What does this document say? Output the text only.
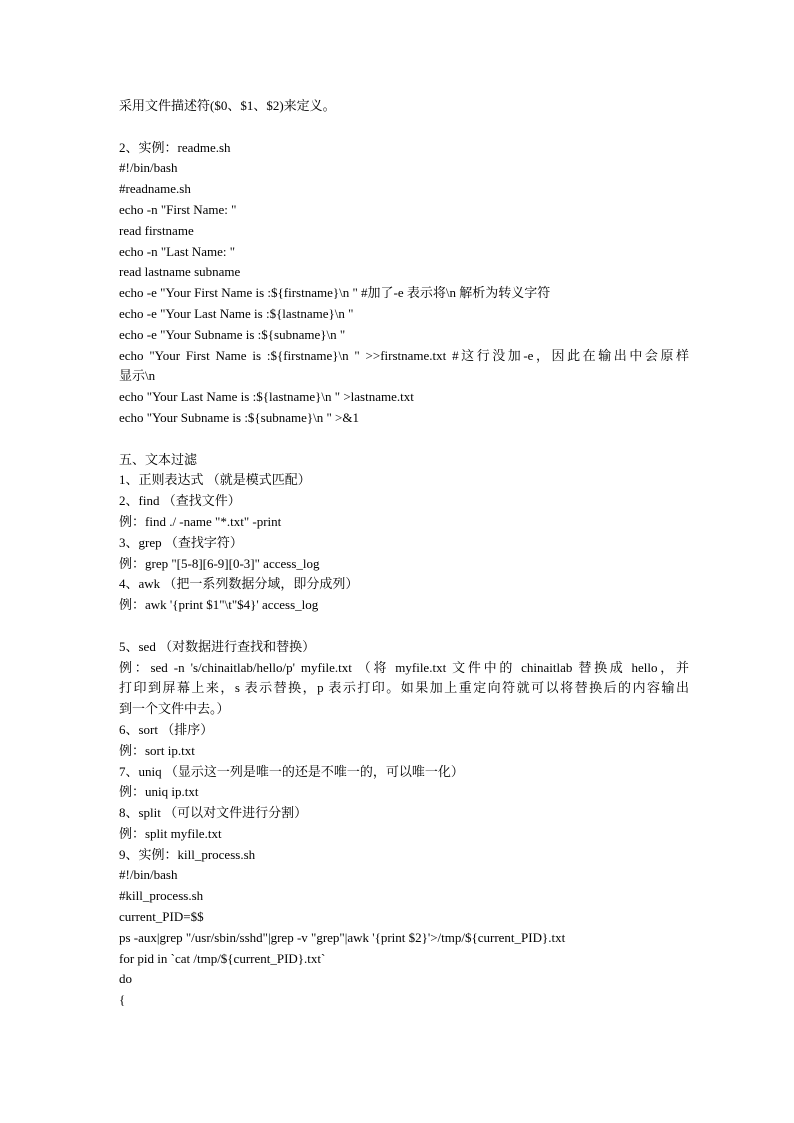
采用文件描述符($0、$1、$2)来定义。
2、实例：readme.sh
#!/bin/bash
#readname.sh
echo -n "First Name: "
read firstname
echo -n "Last Name: "
read lastname subname
echo -e "Your First Name is :${firstname}\n " #加了-e 表示将\n 解析为转义字符
echo -e "Your Last Name is :${lastname}\n "
echo -e "Your Subname is :${subname}\n "
echo "Your First Name is :${firstname}\n " >>firstname.txt #这行没加-e，因此在输出中会原样
显示\n
echo "Your Last Name is :${lastname}\n " >lastname.txt
echo "Your Subname is :${subname}\n " >&1
五、文本过滤
1、正则表达式 （就是模式匹配）
2、find （查找文件）
例：find ./ -name "*.txt" -print
3、grep （查找字符）
例：grep "[5-8][6-9][0-3]" access_log
4、awk （把一系列数据分域，即分成列）
例：awk '{print $1"\t"$4}' access_log
5、sed （对数据进行查找和替换）
例：sed -n 's/chinaitlab/hello/p' myfile.txt （将 myfile.txt 文件中的 chinaitlab 替换成 hello，并
打印到屏幕上来，s 表示替换，p 表示打印。如果加上重定向符就可以将替换后的内容输出
到一个文件中去。）
6、sort （排序）
例：sort ip.txt
7、uniq （显示这一列是唯一的还是不唯一的，可以唯一化）
例：uniq ip.txt
8、split （可以对文件进行分割）
例：split myfile.txt
9、实例：kill_process.sh
#!/bin/bash
#kill_process.sh
current_PID=$$
ps -aux|grep "/usr/sbin/sshd"|grep -v "grep"|awk '{print $2}'>/tmp/${current_PID}.txt
for pid in `cat /tmp/${current_PID}.txt`
do
{
